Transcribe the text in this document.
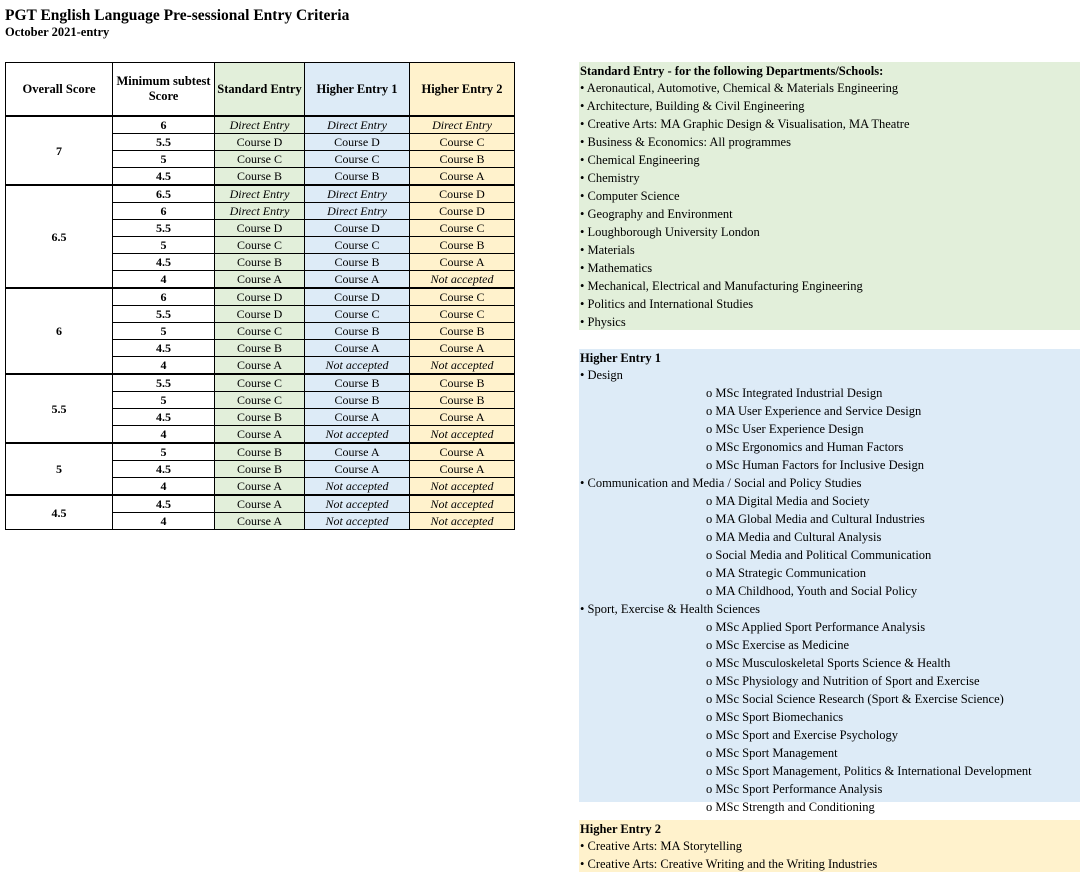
PGT English Language Pre-sessional Entry Criteria
October 2021-entry
Overall Score	Minimum subtest Score	Standard Entry	Higher Entry 1	Higher Entry 2
7	6	Direct Entry	Direct Entry	Direct Entry
	5.5	Course D	Course D	Course C
	5	Course C	Course C	Course B
	4.5	Course B	Course B	Course A
6.5	6.5	Direct Entry	Direct Entry	Course D
	6	Direct Entry	Direct Entry	Course D
	5.5	Course D	Course D	Course C
	5	Course C	Course C	Course B
	4.5	Course B	Course B	Course A
	4	Course A	Course A	Not accepted
6	6	Course D	Course D	Course C
	5.5	Course D	Course C	Course C
	5	Course C	Course B	Course B
	4.5	Course B	Course A	Course A
	4	Course A	Not accepted	Not accepted
5.5	5.5	Course C	Course B	Course B
	5	Course C	Course B	Course B
	4.5	Course B	Course A	Course A
	4	Course A	Not accepted	Not accepted
5	5	Course B	Course A	Course A
	4.5	Course B	Course A	Course A
	4	Course A	Not accepted	Not accepted
4.5	4.5	Course A	Not accepted	Not accepted
	4	Course A	Not accepted	Not accepted
Standard Entry - for the following Departments/Schools:
• Aeronautical, Automotive, Chemical & Materials Engineering
• Architecture, Building & Civil Engineering
• Creative Arts: MA Graphic Design & Visualisation, MA Theatre
• Business & Economics: All programmes
• Chemical Engineering
• Chemistry
• Computer Science
• Geography and Environment
• Loughborough University London
• Materials
• Mathematics
• Mechanical, Electrical and Manufacturing Engineering
• Politics and International Studies
• Physics
Higher Entry 1
• Design
o MSc Integrated Industrial Design
o MA User Experience and Service Design
o MSc User Experience Design
o MSc Ergonomics and Human Factors
o MSc Human Factors for Inclusive Design
• Communication and Media / Social and Policy Studies
o MA Digital Media and Society
o MA Global Media and Cultural Industries
o MA Media and Cultural Analysis
o Social Media and Political Communication
o MA Strategic Communication
o MA Childhood, Youth and Social Policy
• Sport, Exercise & Health Sciences
o MSc Applied Sport Performance Analysis
o MSc Exercise as Medicine
o MSc Musculoskeletal Sports Science & Health
o MSc Physiology and Nutrition of Sport and Exercise
o MSc Social Science Research (Sport & Exercise Science)
o MSc Sport Biomechanics
o MSc Sport and Exercise Psychology
o MSc Sport Management
o MSc Sport Management, Politics & International Development
o MSc Sport Performance Analysis
o MSc Strength and Conditioning
Higher Entry 2
• Creative Arts: MA Storytelling
• Creative Arts: Creative Writing and the Writing Industries
